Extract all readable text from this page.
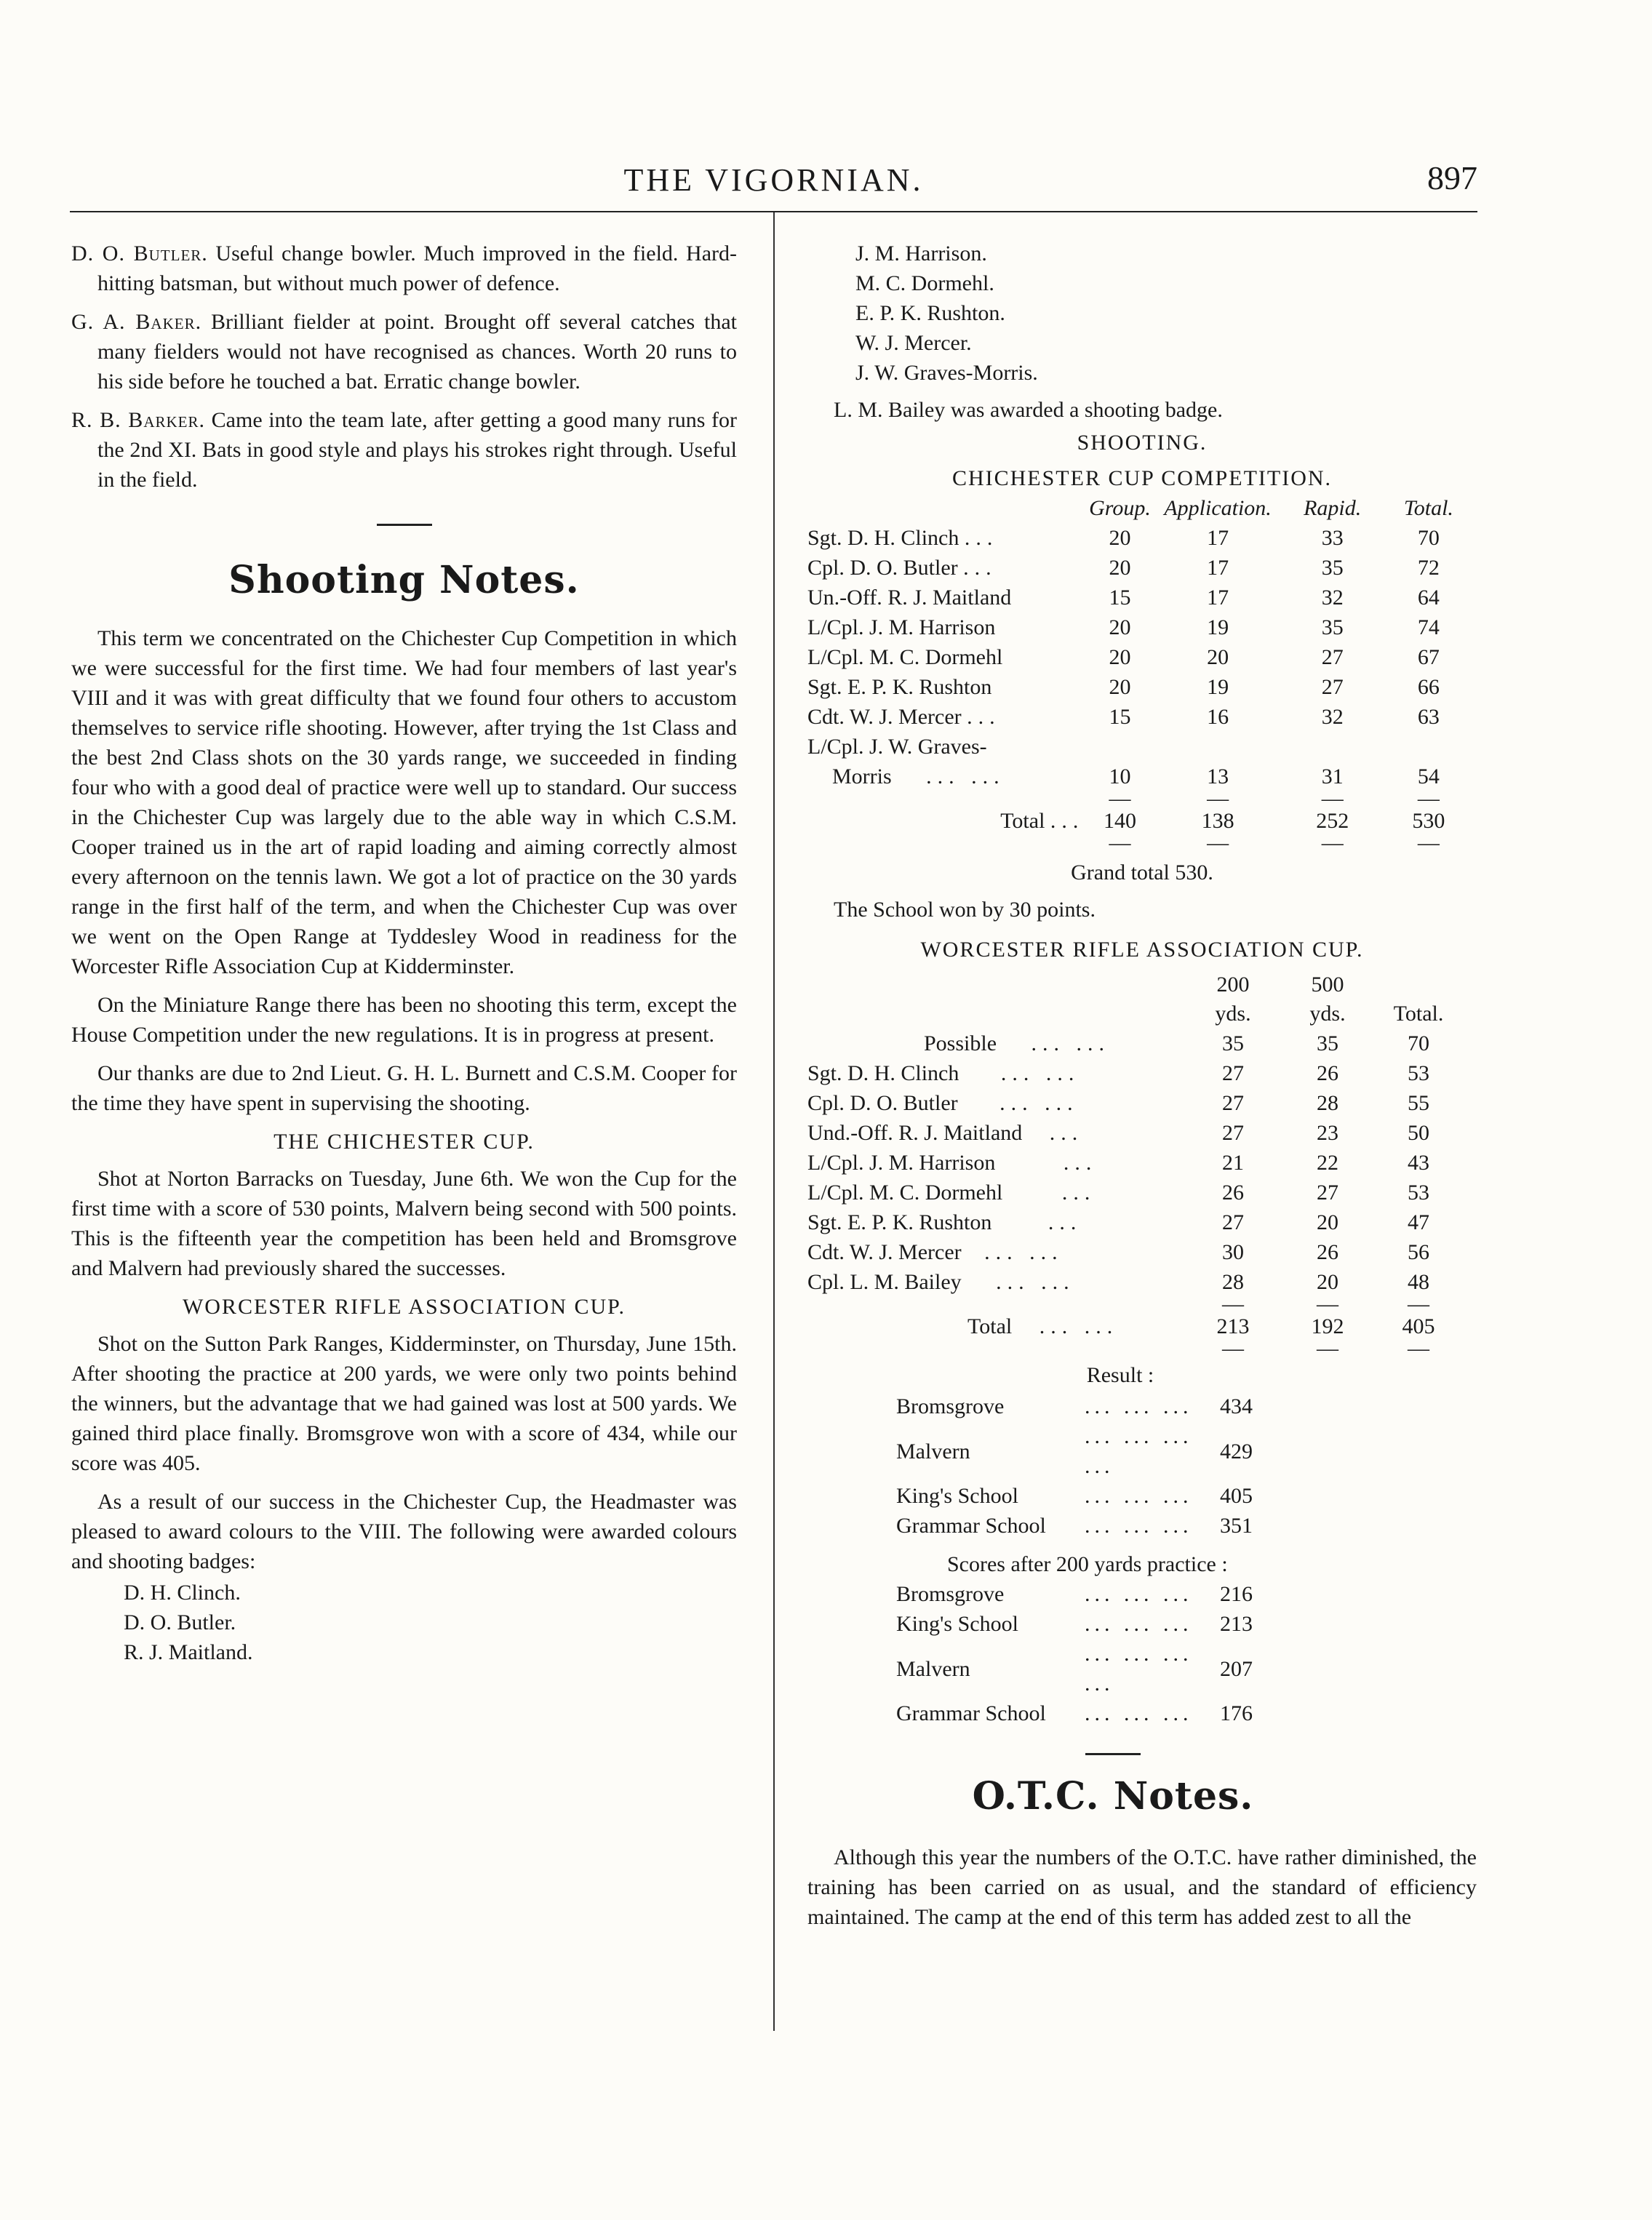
THE VIGORNIAN.	897

D. O. Butler. Useful change bowler. Much improved in the field. Hard-hitting batsman, but without much power of defence.

G. A. Baker. Brilliant fielder at point. Brought off several catches that many fielders would not have recognised as chances. Worth 20 runs to his side before he touched a bat. Erratic change bowler.

R. B. Barker. Came into the team late, after getting a good many runs for the 2nd XI. Bats in good style and plays his strokes right through. Useful in the field.

Shooting Notes.

This term we concentrated on the Chichester Cup Competition in which we were successful for the first time. We had four members of last year's VIII and it was with great difficulty that we found four others to accustom themselves to service rifle shooting. However, after trying the 1st Class and the best 2nd Class shots on the 30 yards range, we succeeded in finding four who with a good deal of practice were well up to standard. Our success in the Chichester Cup was largely due to the able way in which C.S.M. Cooper trained us in the art of rapid loading and aiming correctly almost every afternoon on the tennis lawn. We got a lot of practice on the 30 yards range in the first half of the term, and when the Chichester Cup was over we went on the Open Range at Tyddesley Wood in readiness for the Worcester Rifle Association Cup at Kidderminster.

On the Miniature Range there has been no shooting this term, except the House Competition under the new regulations. It is in progress at present.

Our thanks are due to 2nd Lieut. G. H. L. Burnett and C.S.M. Cooper for the time they have spent in supervising the shooting.

THE CHICHESTER CUP.

Shot at Norton Barracks on Tuesday, June 6th. We won the Cup for the first time with a score of 530 points, Malvern being second with 500 points. This is the fifteenth year the competition has been held and Bromsgrove and Malvern had previously shared the successes.

WORCESTER RIFLE ASSOCIATION CUP.

Shot on the Sutton Park Ranges, Kidderminster, on Thursday, June 15th. After shooting the practice at 200 yards, we were only two points behind the winners, but the advantage that we had gained was lost at 500 yards. We gained third place finally. Bromsgrove won with a score of 434, while our score was 405.

As a result of our success in the Chichester Cup, the Headmaster was pleased to award colours to the VIII. The following were awarded colours and shooting badges:

D. H. Clinch.
D. O. Butler.
R. J. Maitland.
J. M. Harrison.
M. C. Dormehl.
E. P. K. Rushton.
W. J. Mercer.
J. W. Graves-Morris.

L. M. Bailey was awarded a shooting badge.

SHOOTING.
CHICHESTER CUP COMPETITION.
	Group.	Application.	Rapid.	Total.
Sgt. D. H. Clinch ...	20	17	33	70
Cpl. D. O. Butler ...	20	17	35	72
Un.-Off. R. J. Maitland	15	17	32	64
L/Cpl. J. M. Harrison	20	19	35	74
L/Cpl. M. C. Dormehl	20	20	27	67
Sgt. E. P. K. Rushton	20	19	27	66
Cdt. W. J. Mercer ...	15	16	32	63
L/Cpl. J. W. Graves-				
Morris ... ...	10	13	31	54
	—	—	—	—
Total ...	140	138	252	530
	—	—	—	—
Grand total 530.

The School won by 30 points.

WORCESTER RIFLE ASSOCIATION CUP.
	200	500	
	yds.	yds.	Total.
Possible ... ...	35	35	70
Sgt. D. H. Clinch ... ...	27	26	53
Cpl. D. O. Butler ... ...	27	28	55
Und.-Off. R. J. Maitland ...	27	23	50
L/Cpl. J. M. Harrison ...	21	22	43
L/Cpl. M. C. Dormehl ...	26	27	53
Sgt. E. P. K. Rushton ...	27	20	47
Cdt. W. J. Mercer ... ...	30	26	56
Cpl. L. M. Bailey ... ...	28	20	48
	—	—	—
Total ... ...	213	192	405
	—	—	—
Result :
Bromsgrove	... ... ...	434
Malvern	... ... ... ...	429
King's School	... ... ...	405
Grammar School	... ... ...	351
Scores after 200 yards practice :
Bromsgrove	... ... ...	216
King's School	... ... ...	213
Malvern	... ... ... ...	207
Grammar School	... ... ...	176
O.T.C. Notes.

Although this year the numbers of the O.T.C. have rather diminished, the training has been carried on as usual, and the standard of efficiency maintained. The camp at the end of this term has added zest to all the
